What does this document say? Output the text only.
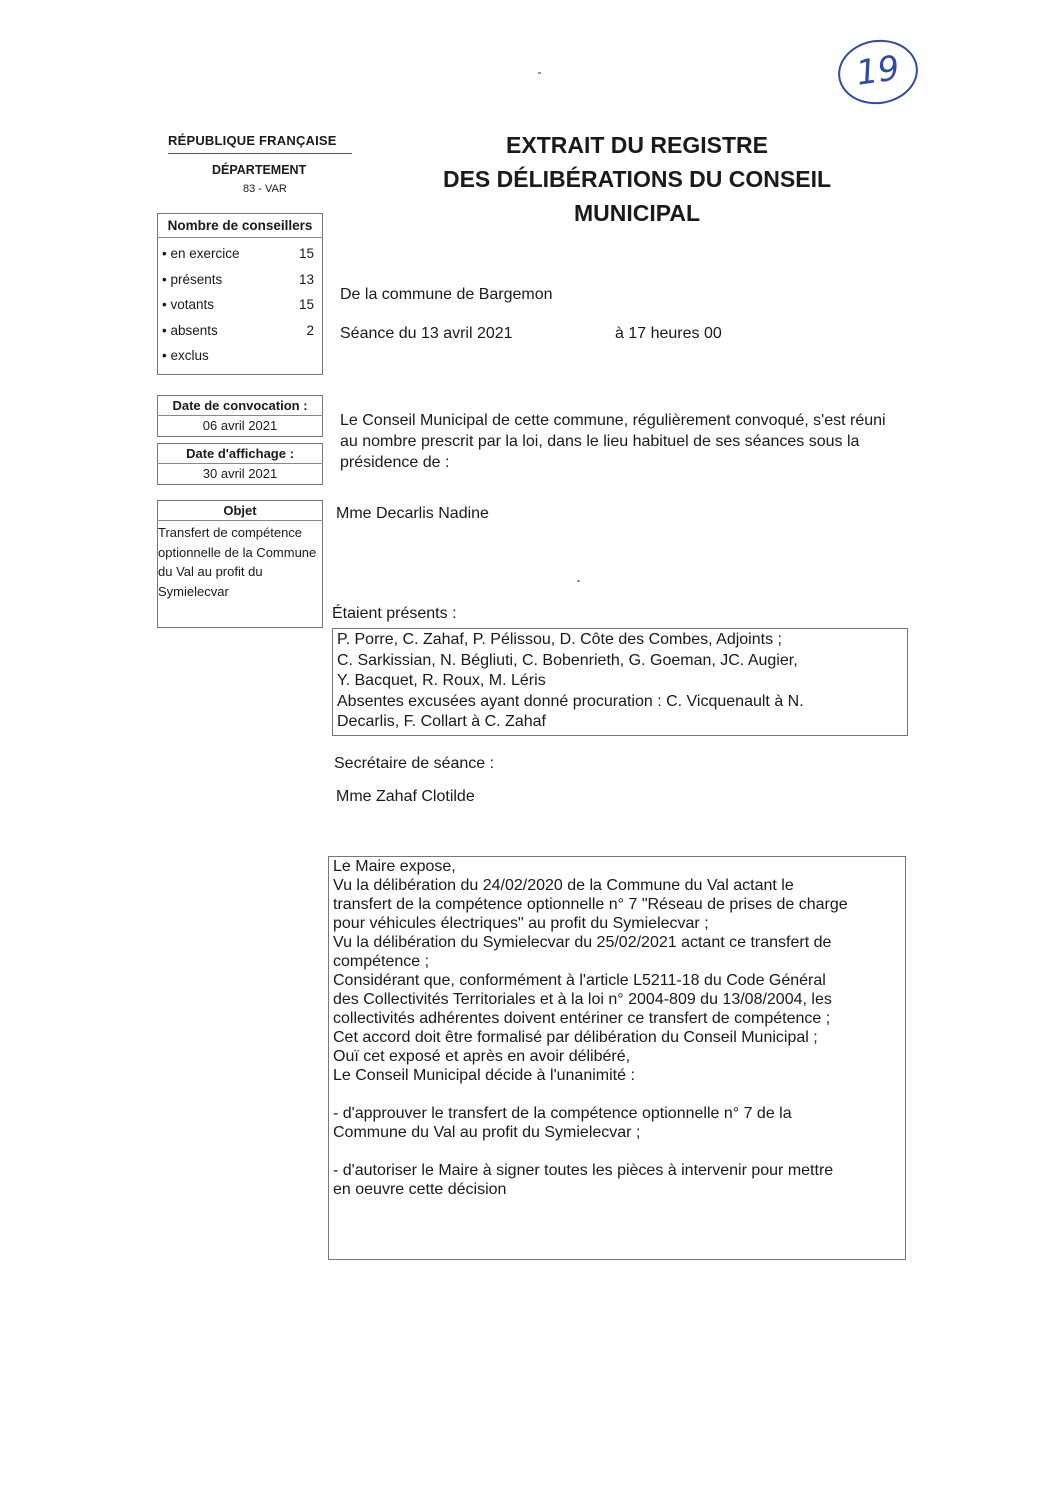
19
RÉPUBLIQUE FRANÇAISE
DÉPARTEMENT
83 - VAR
EXTRAIT DU REGISTRE
DES DÉLIBÉRATIONS DU CONSEIL
MUNICIPAL
Nombre de conseillers
• en exercice	15
• présents	13
• votants	15
• absents	2
• exclus
Date de convocation :
06 avril 2021
Date d'affichage :
30 avril 2021
Objet
Transfert de compétence optionnelle de la Commune du Val au profit du Symielecvar
De la commune de Bargemon
Séance du 13 avril 2021	à 17 heures 00
Le Conseil Municipal de cette commune, régulièrement convoqué, s'est réuni au nombre prescrit par la loi, dans le lieu habituel de ses séances sous la présidence de :
Mme Decarlis Nadine
Étaient présents :
P. Porre, C. Zahaf, P. Pélissou, D. Côte des Combes, Adjoints ;
C. Sarkissian, N. Bégliuti, C. Bobenrieth, G. Goeman, JC. Augier,
Y. Bacquet, R. Roux, M. Léris
Absentes excusées ayant donné procuration : C. Vicquenault à N.
Decarlis, F. Collart à C. Zahaf
Secrétaire de séance :
Mme Zahaf Clotilde
Le Maire expose,
Vu la délibération du 24/02/2020 de la Commune du Val actant le
transfert de la compétence optionnelle n° 7 "Réseau de prises de charge
pour véhicules électriques" au profit du Symielecvar ;
Vu la délibération du Symielecvar du 25/02/2021 actant ce transfert de
compétence ;
Considérant que, conformément à l'article L5211-18 du Code Général
des Collectivités Territoriales et à la loi n° 2004-809 du 13/08/2004, les
collectivités adhérentes doivent entériner ce transfert de compétence ;
Cet accord doit être formalisé par délibération du Conseil Municipal ;
Ouï cet exposé et après en avoir délibéré,
Le Conseil Municipal décide à l'unanimité :
- d'approuver le transfert de la compétence optionnelle n° 7 de la
Commune du Val au profit du Symielecvar ;
- d'autoriser le Maire à signer toutes les pièces à intervenir pour mettre
en oeuvre cette décision
